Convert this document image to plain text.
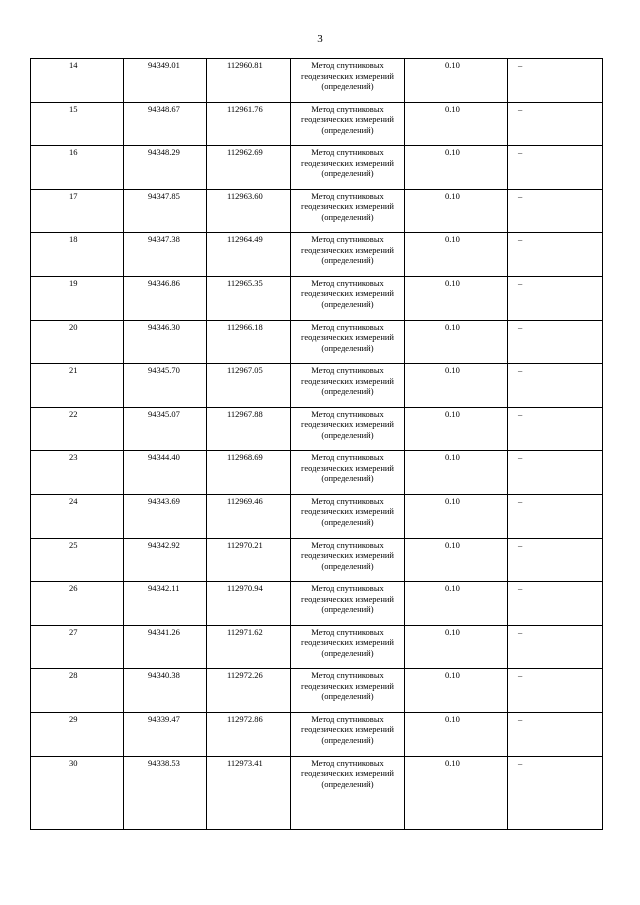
3
14	94349.01	112960.81	Метод спутниковых геодезических измерений (определений)	0.10	–
15	94348.67	112961.76	Метод спутниковых геодезических измерений (определений)	0.10	–
16	94348.29	112962.69	Метод спутниковых геодезических измерений (определений)	0.10	–
17	94347.85	112963.60	Метод спутниковых геодезических измерений (определений)	0.10	–
18	94347.38	112964.49	Метод спутниковых геодезических измерений (определений)	0.10	–
19	94346.86	112965.35	Метод спутниковых геодезических измерений (определений)	0.10	–
20	94346.30	112966.18	Метод спутниковых геодезических измерений (определений)	0.10	–
21	94345.70	112967.05	Метод спутниковых геодезических измерений (определений)	0.10	–
22	94345.07	112967.88	Метод спутниковых геодезических измерений (определений)	0.10	–
23	94344.40	112968.69	Метод спутниковых геодезических измерений (определений)	0.10	–
24	94343.69	112969.46	Метод спутниковых геодезических измерений (определений)	0.10	–
25	94342.92	112970.21	Метод спутниковых геодезических измерений (определений)	0.10	–
26	94342.11	112970.94	Метод спутниковых геодезических измерений (определений)	0.10	–
27	94341.26	112971.62	Метод спутниковых геодезических измерений (определений)	0.10	–
28	94340.38	112972.26	Метод спутниковых геодезических измерений (определений)	0.10	–
29	94339.47	112972.86	Метод спутниковых геодезических измерений (определений)	0.10	–
30	94338.53	112973.41	Метод спутниковых геодезических измерений (определений)	0.10	–
